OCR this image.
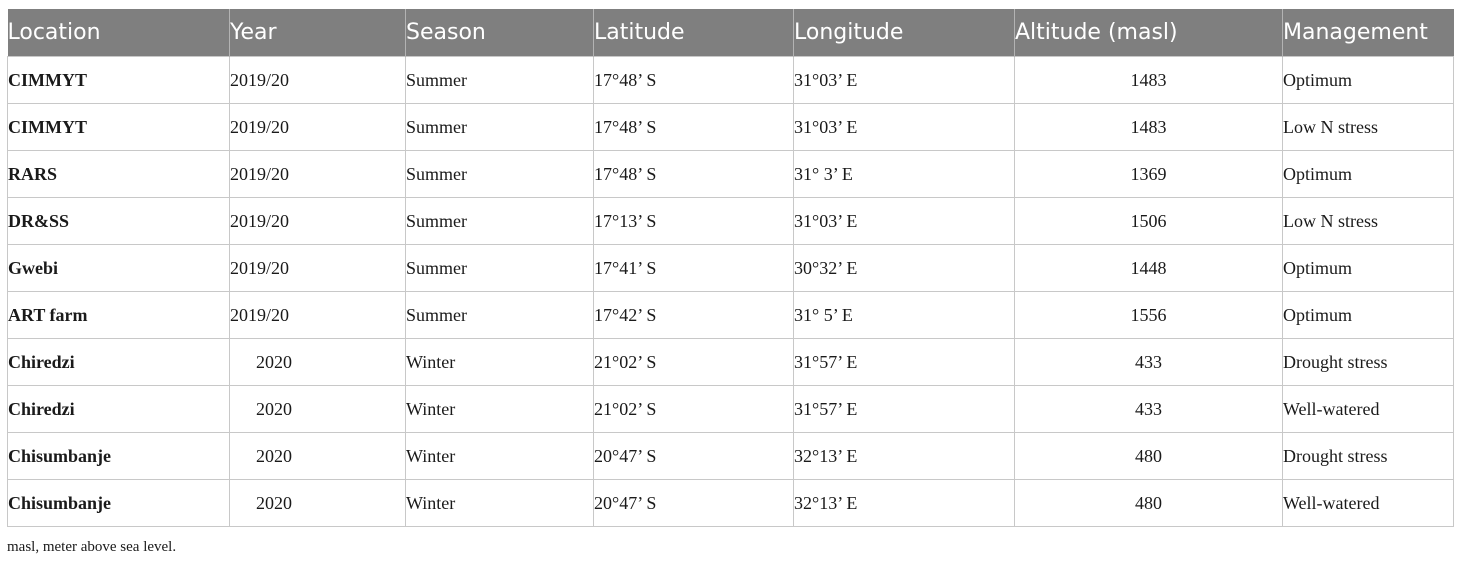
Location	Year	Season	Latitude	Longitude	Altitude (masl)	Management
CIMMYT	2019/20	Summer	17°48’ S	31°03’ E	1483	Optimum
CIMMYT	2019/20	Summer	17°48’ S	31°03’ E	1483	Low N stress
RARS	2019/20	Summer	17°48’ S	31° 3’ E	1369	Optimum
DR&SS	2019/20	Summer	17°13’ S	31°03’ E	1506	Low N stress
Gwebi	2019/20	Summer	17°41’ S	30°32’ E	1448	Optimum
ART farm	2019/20	Summer	17°42’ S	31° 5’ E	1556	Optimum
Chiredzi	2020	Winter	21°02’ S	31°57’ E	433	Drought stress
Chiredzi	2020	Winter	21°02’ S	31°57’ E	433	Well-watered
Chisumbanje	2020	Winter	20°47’ S	32°13’ E	480	Drought stress
Chisumbanje	2020	Winter	20°47’ S	32°13’ E	480	Well-watered

masl, meter above sea level.
